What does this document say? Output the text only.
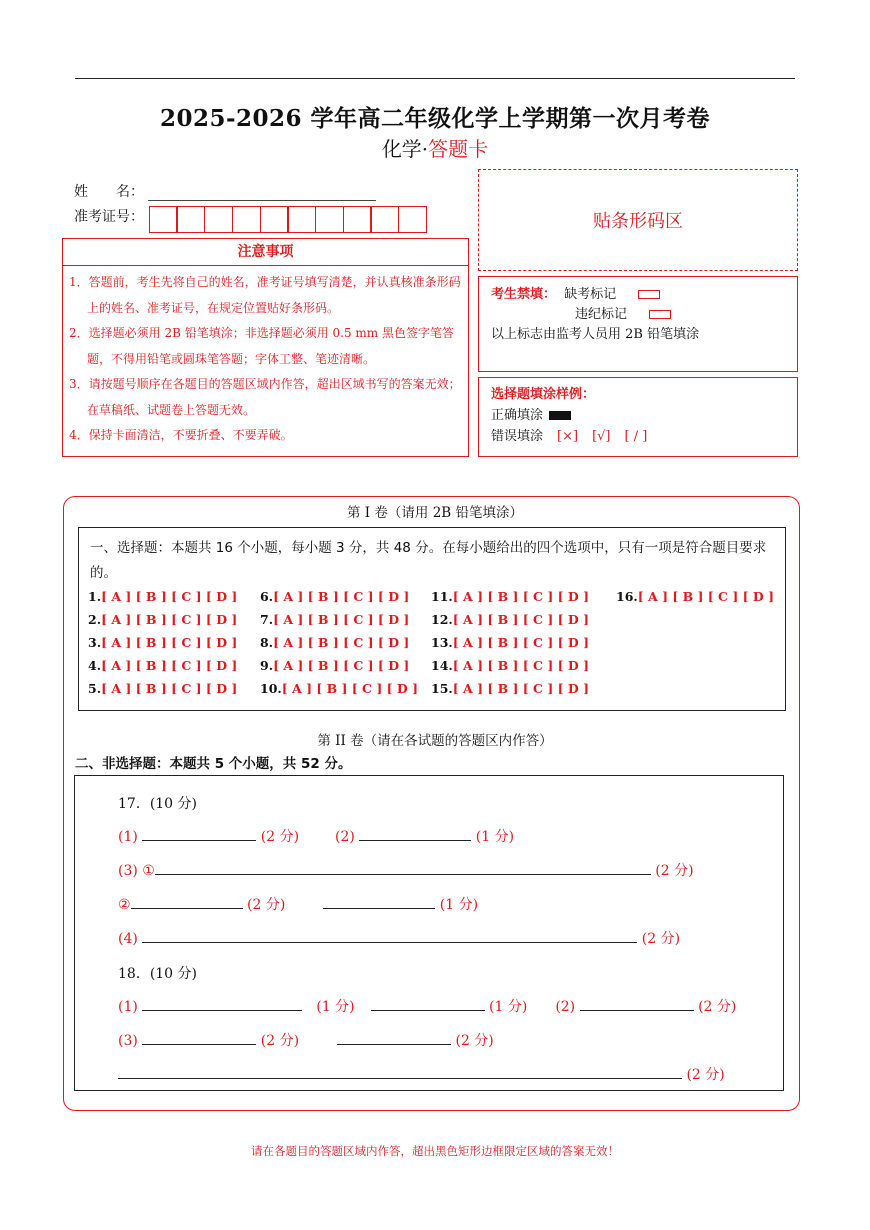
2025-2026 学年高二年级化学上学期第一次月考卷
化学·答题卡
姓　　名：
准考证号：	贴条形码区
注意事项
1．答题前，考生先将自己的姓名，准考证号填写清楚，并认真核准条形码上的姓名、准考证号，在规定位置贴好条形码。
2．选择题必须用 2B 铅笔填涂；非选择题必须用 0.5 mm 黑色签字笔答题，不得用铅笔或圆珠笔答题；字体工整、笔迹清晰。
3．请按题号顺序在各题目的答题区域内作答，超出区域书写的答案无效；在草稿纸、试题卷上答题无效。
4．保持卡面清洁，不要折叠、不要弄破。
考生禁填： 缺考标记
违纪标记
以上标志由监考人员用 2B 铅笔填涂
选择题填涂样例：
正确填涂
错误填涂 [×] [√] [ / ]
第 I 卷（请用 2B 铅笔填涂）
一、选择题：本题共 16 个小题，每小题 3 分，共 48 分。在每小题给出的四个选项中，只有一项是符合题目要求的。
1.[ A ] [ B ] [ C ] [ D ]
2.[ A ] [ B ] [ C ] [ D ]
3.[ A ] [ B ] [ C ] [ D ]
4.[ A ] [ B ] [ C ] [ D ]
5.[ A ] [ B ] [ C ] [ D ]
6.[ A ] [ B ] [ C ] [ D ]
7.[ A ] [ B ] [ C ] [ D ]
8.[ A ] [ B ] [ C ] [ D ]
9.[ A ] [ B ] [ C ] [ D ]
10.[ A ] [ B ] [ C ] [ D ]
11.[ A ] [ B ] [ C ] [ D ]
12.[ A ] [ B ] [ C ] [ D ]
13.[ A ] [ B ] [ C ] [ D ]
14.[ A ] [ B ] [ C ] [ D ]
15.[ A ] [ B ] [ C ] [ D ]
16.[ A ] [ B ] [ C ] [ D ]
第 II 卷（请在各试题的答题区内作答）
二、非选择题：本题共 5 个小题，共 52 分。
17．(10 分)
(1)	(2 分)	(2)	(1 分)
(3) ①	(2 分)
②	(2 分)	(1 分)
(4)	(2 分)
18．(10 分)
(1)	(1 分)	(1 分) (2)	(2 分)
(3)	(2 分)	(2 分)
(2 分)
请在各题目的答题区域内作答，超出黑色矩形边框限定区域的答案无效！
